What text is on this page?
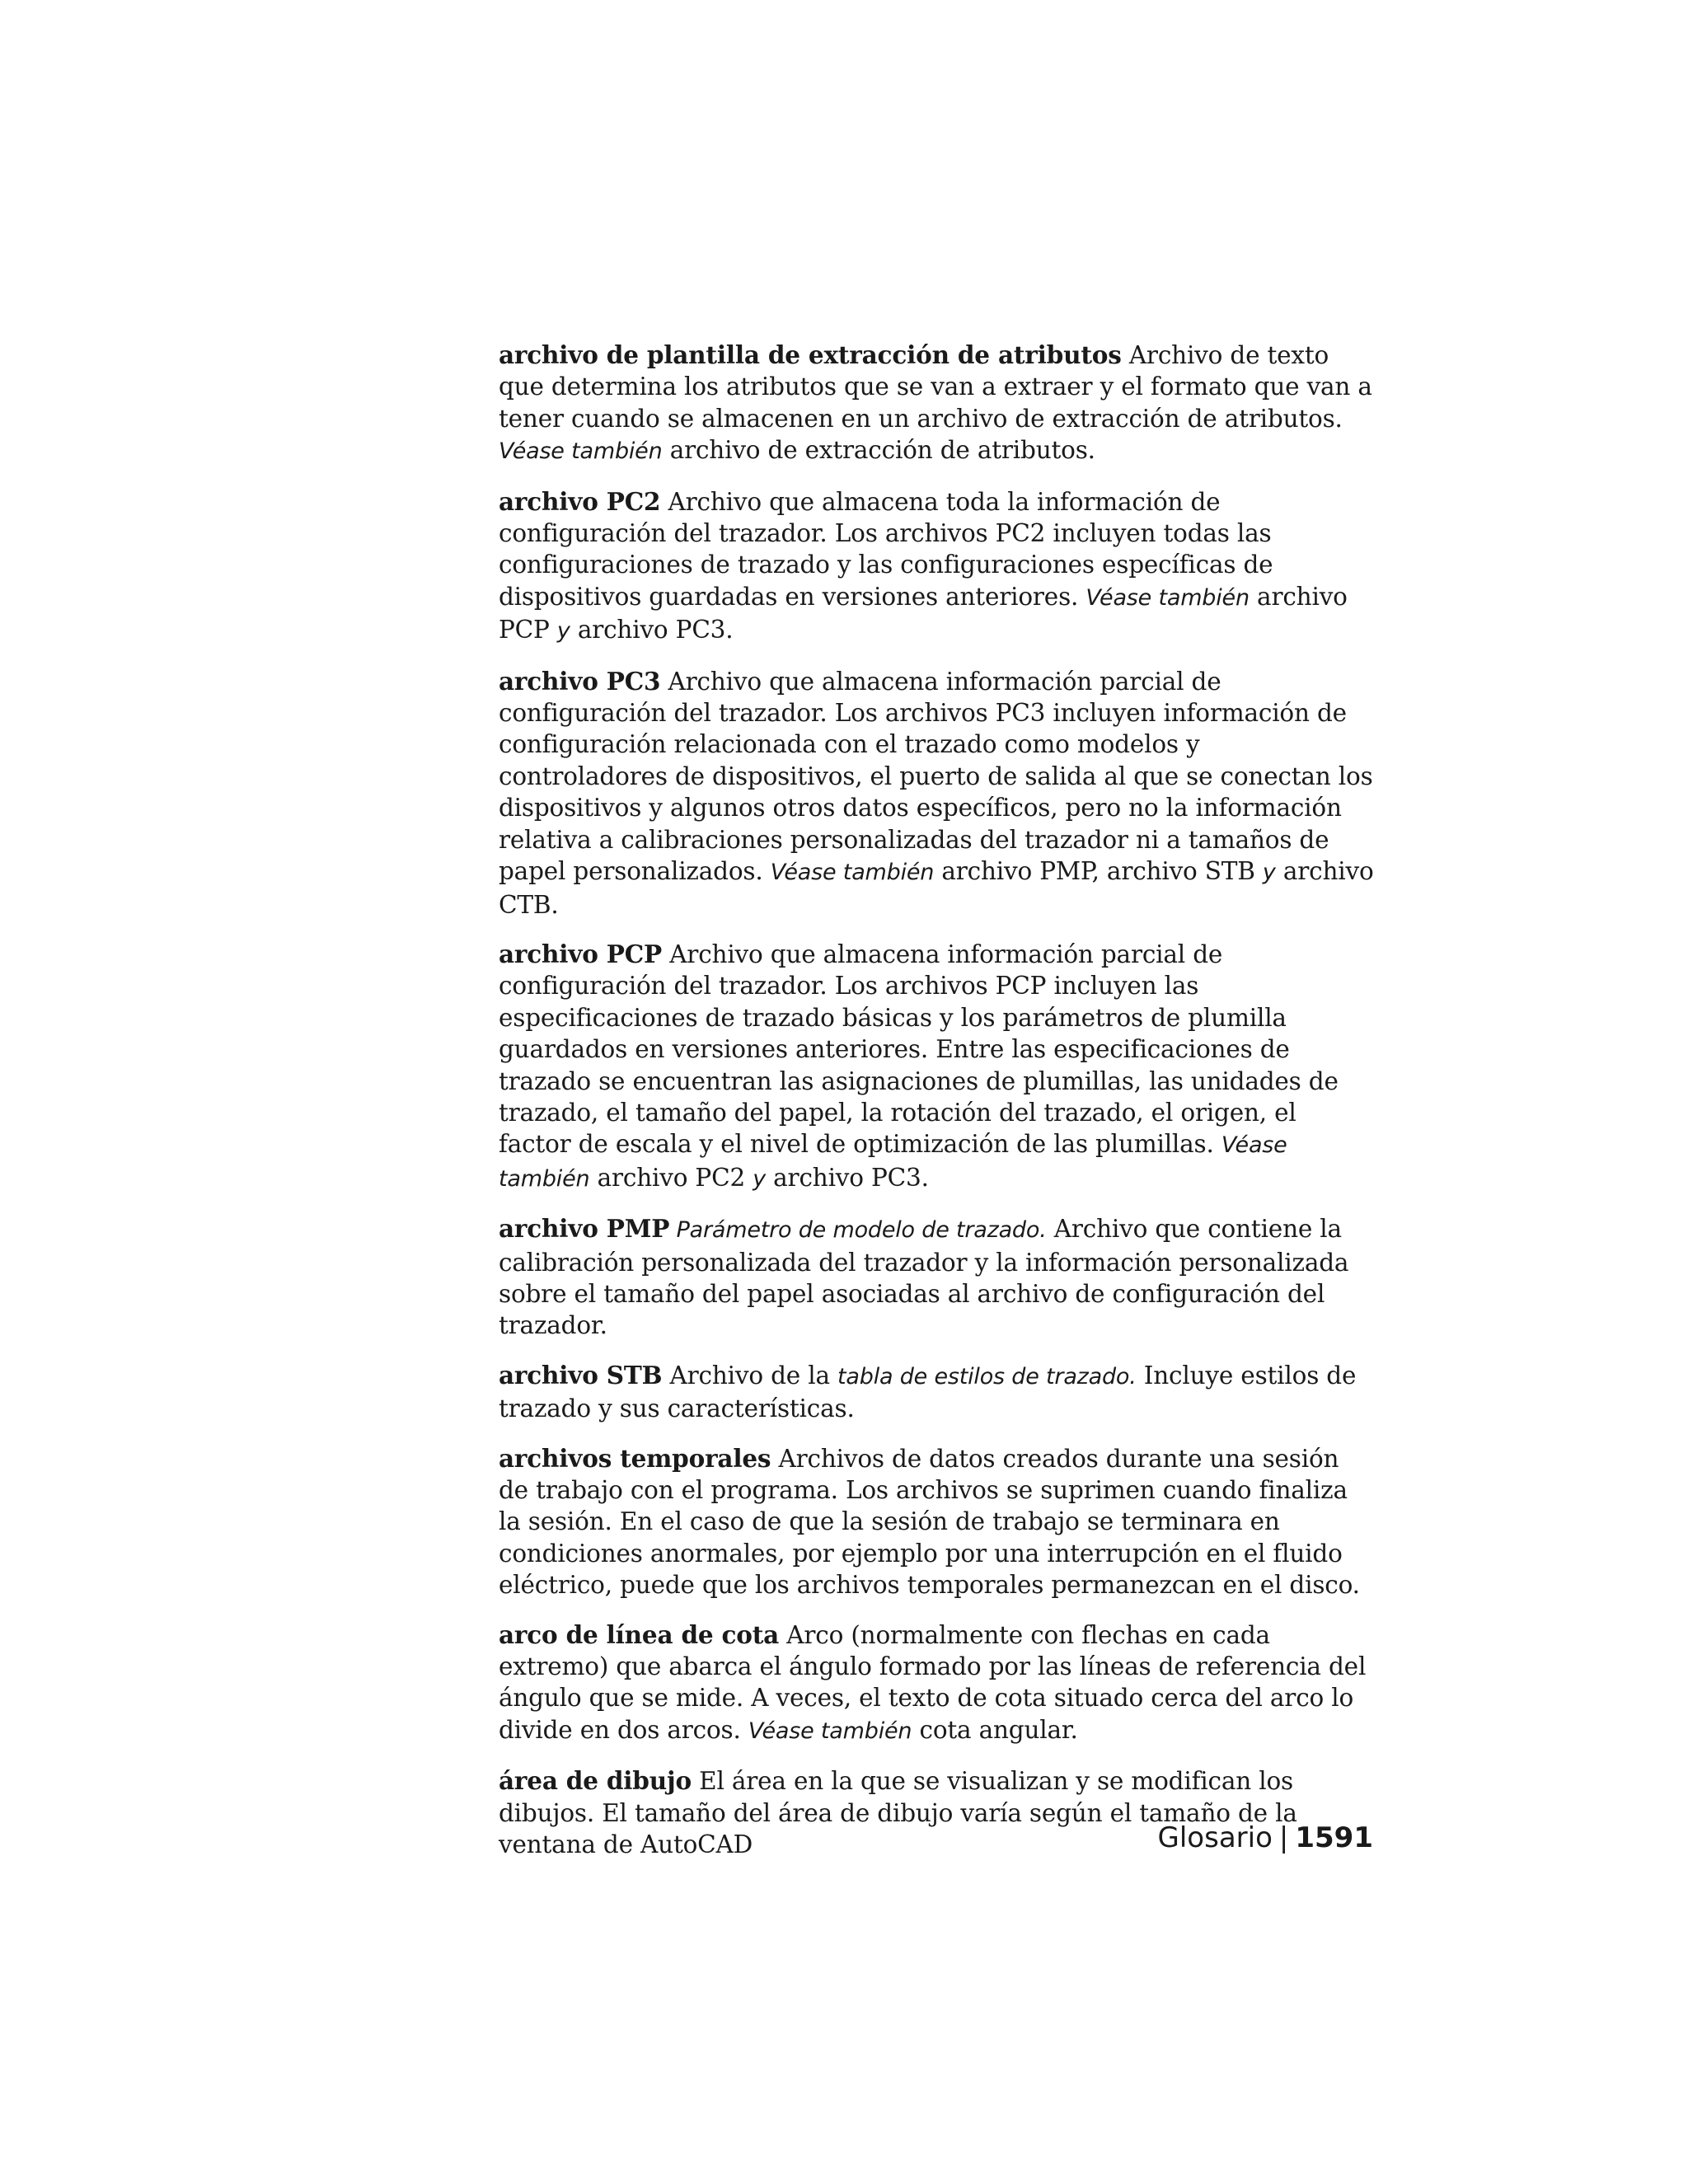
archivo de plantilla de extracción de atributos Archivo de texto que determina los atributos que se van a extraer y el formato que van a tener cuando se almacenen en un archivo de extracción de atributos. Véase también archivo de extracción de atributos.

archivo PC2 Archivo que almacena toda la información de configuración del trazador. Los archivos PC2 incluyen todas las configuraciones de trazado y las configuraciones específicas de dispositivos guardadas en versiones anteriores. Véase también archivo PCP y archivo PC3.

archivo PC3 Archivo que almacena información parcial de configuración del trazador. Los archivos PC3 incluyen información de configuración relacionada con el trazado como modelos y controladores de dispositivos, el puerto de salida al que se conectan los dispositivos y algunos otros datos específicos, pero no la información relativa a calibraciones personalizadas del trazador ni a tamaños de papel personalizados. Véase también archivo PMP, archivo STB y archivo CTB.

archivo PCP Archivo que almacena información parcial de configuración del trazador. Los archivos PCP incluyen las especificaciones de trazado básicas y los parámetros de plumilla guardados en versiones anteriores. Entre las especificaciones de trazado se encuentran las asignaciones de plumillas, las unidades de trazado, el tamaño del papel, la rotación del trazado, el origen, el factor de escala y el nivel de optimización de las plumillas. Véase también archivo PC2 y archivo PC3.

archivo PMP Parámetro de modelo de trazado. Archivo que contiene la calibración personalizada del trazador y la información personalizada sobre el tamaño del papel asociadas al archivo de configuración del trazador.

archivo STB Archivo de la tabla de estilos de trazado. Incluye estilos de trazado y sus características.

archivos temporales Archivos de datos creados durante una sesión de trabajo con el programa. Los archivos se suprimen cuando finaliza la sesión. En el caso de que la sesión de trabajo se terminara en condiciones anormales, por ejemplo por una interrupción en el fluido eléctrico, puede que los archivos temporales permanezcan en el disco.

arco de línea de cota Arco (normalmente con flechas en cada extremo) que abarca el ángulo formado por las líneas de referencia del ángulo que se mide. A veces, el texto de cota situado cerca del arco lo divide en dos arcos. Véase también cota angular.

área de dibujo El área en la que se visualizan y se modifican los dibujos. El tamaño del área de dibujo varía según el tamaño de la ventana de AutoCAD	Glosario | 1591
